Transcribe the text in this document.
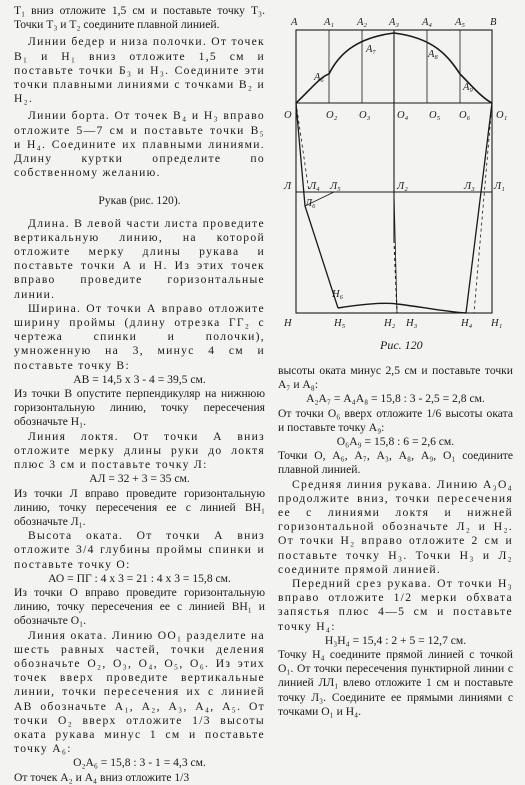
Т₁ вниз отложите 1,5 см и поставьте точку Т₃. Точки Т₃ и Т₂ соедините плавной линией.

Линии бедер и низа полочки. От точек В₁ и Н₁ вниз отложите 1,5 см и поставьте точки Б₃ и Н₃. Соедините эти точки плавными линиями с точками В₂ и Н₂.

Линии борта. От точек В₄ и Н₃ вправо отложите 5—7 см и поставьте точки В₅ и Н₄. Соедините их плавными линиями. Длину куртки определите по собственному желанию.

Рукав (рис. 120).

Длина. В левой части листа проведите вертикальную линию, на которой отложите мерку длины рукава и поставьте точки А и Н. Из этих точек вправо проведите горизонтальные линии.

Ширина. От точки А вправо отложите ширину проймы (длину отрезка ГГ₂ с чертежа спинки и полочки), умноженную на 3, минус 4 см и поставьте точку В:

АВ = 14,5 х 3 - 4 = 39,5 см.

Из точки В опустите перпендикуляр на нижнюю горизонтальную линию, точку пересечения обозначьте Н₁.

Линия локтя. От точки А вниз отложите мерку длины руки до локтя плюс 3 см и поставьте точку Л:

АЛ = 32 + 3 = 35 см.

Из точки Л вправо проведите горизонтальную линию, точку пересечения ее с линией ВН₁ обозначьте Л₁.

Высота оката. От точки А вниз отложите 3/4 глубины проймы спинки и поставьте точку О:

АО = ПГ : 4 х 3 = 21 : 4 х 3 = 15,8 см.

Из точки О вправо проведите горизонтальную линию, точку пересечения ее с линией ВН₁ и обозначьте О₁.

Линия оката. Линию ОО₁ разделите на шесть равных частей, точки деления обозначьте О₂, О₃, О₄, О₅, О₆. Из этих точек вверх проведите вертикальные линии, точки пересечения их с линией АВ обозначьте А₁, А₂, А₃, А₄, А₅. От точки О₂ вверх отложите 1/3 высоты оката рукава минус 1 см и поставьте точку А₆:

О₂А₆ = 15,8 : 3 - 1 = 4,3 см.

От точек А₂ и А₄ вниз отложите 1/3

A	A₁ A₂ A₃ A₄ A₅ B
A₆
A₇	A₈
A₉
O	O₂ O₃	O₄ O₅ O₆ O₁
Л Л₄ Л₅
Л₆
Л₂	Л₃ Л₁
H₆
H	H₅	H₂ H₃	H₄ H₁
Рис. 120

высоты оката минус 2,5 см и поставьте точки А₇ и А₈:

А₂А₇ = А₄А₈ = 15,8 : 3 - 2,5 = 2,8 см.

От точки О₆ вверх отложите 1/6 высоты оката и поставьте точку А₉:

О₆А₉ = 15,8 : 6 = 2,6 см.

Точки О, А₆, А₇, А₃, А₈, А₉, О₁ соедините плавной линией.

Средняя линия рукава. Линию А₃О₄ продолжите вниз, точки пересечения ее с линиями локтя и нижней горизонтальной обозначьте Л₂ и Н₂. От точки Н₂ вправо отложите 2 см и поставьте точку Н₃. Точки Н₃ и Л₂ соедините прямой линией.

Передний срез рукава. От точки Н₃ вправо отложите 1/2 мерки обхвата запястья плюс 4—5 см и поставьте точку Н₄:

Н₃Н₄ = 15,4 : 2 + 5 = 12,7 см.

Точку Н₄ соедините прямой линией с точкой О₁. От точки пересечения пунктирной линии с линией ЛЛ₁ влево отложите 1 см и поставьте точку Л₃. Соедините ее прямыми линиями с точками О₁ и Н₄.
